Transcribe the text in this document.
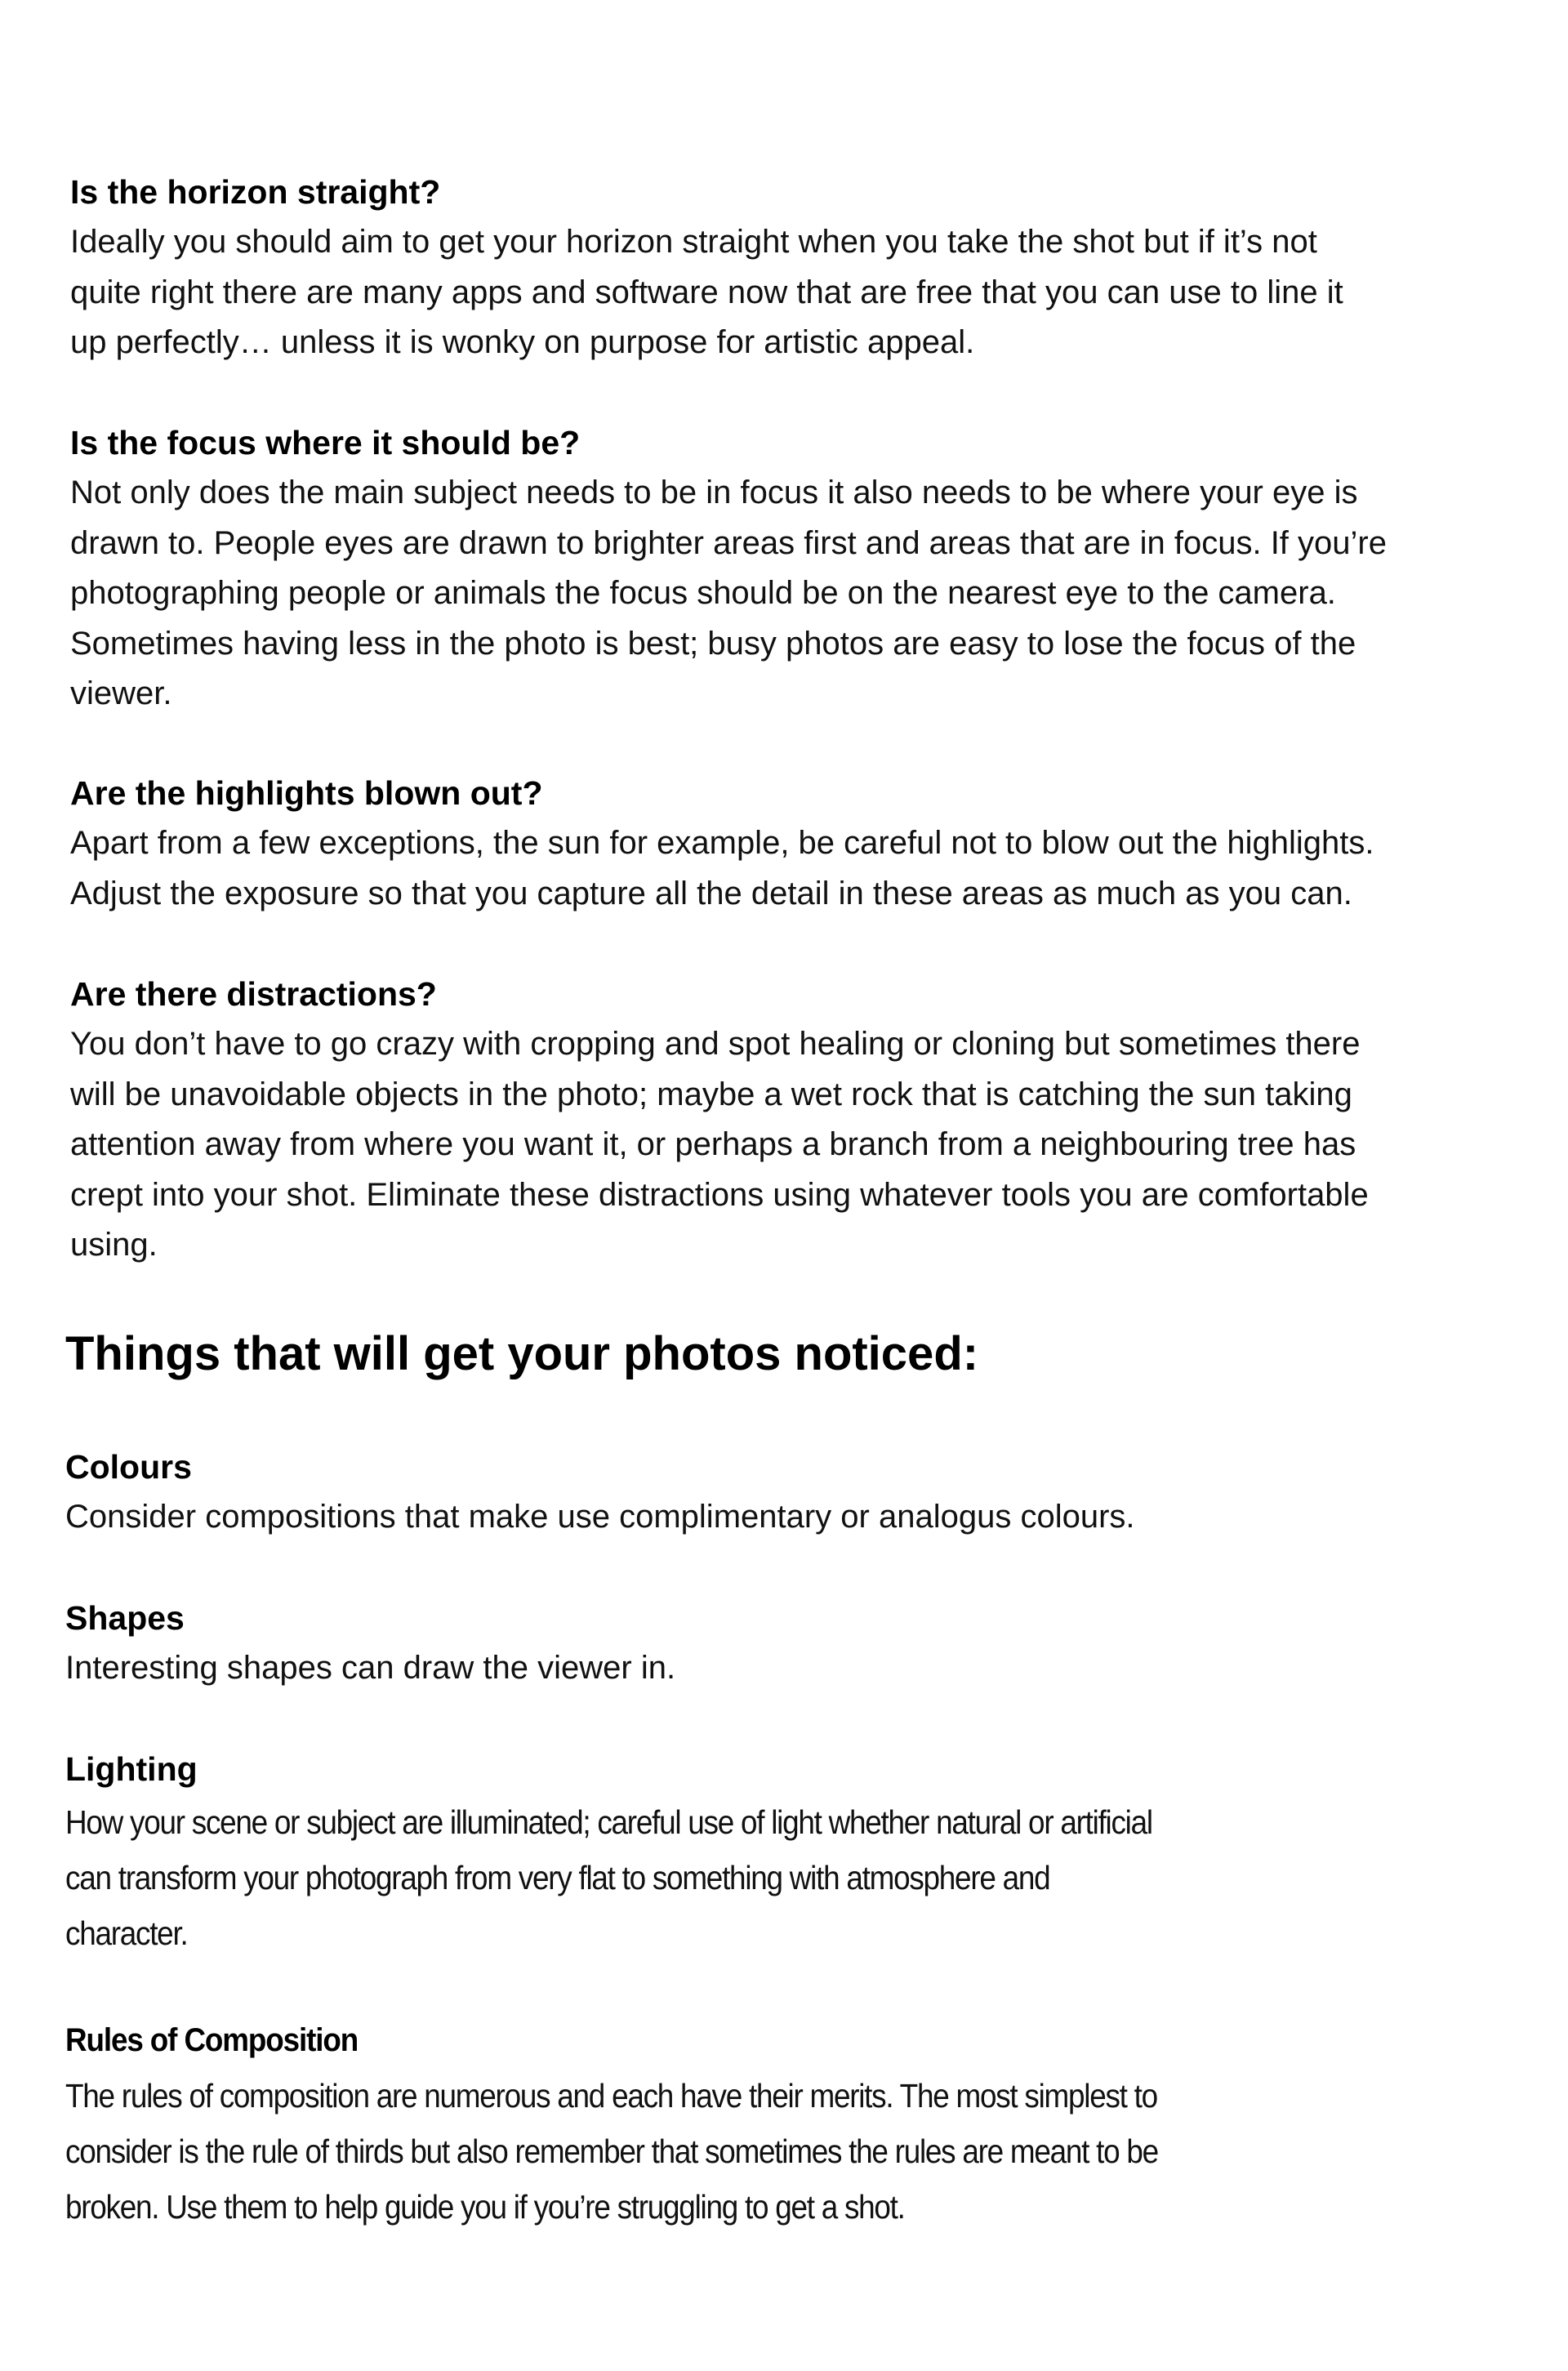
Is the horizon straight?

Ideally you should aim to get your horizon straight when you take the shot but if it’s not

quite right there are many apps and software now that are free that you can use to line it

up perfectly… unless it is wonky on purpose for artistic appeal.

Is the focus where it should be?

Not only does the main subject needs to be in focus it also needs to be where your eye is

drawn to. People eyes are drawn to brighter areas first and areas that are in focus. If you’re

photographing people or animals the focus should be on the nearest eye to the camera.

Sometimes having less in the photo is best; busy photos are easy to lose the focus of the

viewer.

Are the highlights blown out?

Apart from a few exceptions, the sun for example, be careful not to blow out the highlights.

Adjust the exposure so that you capture all the detail in these areas as much as you can.

Are there distractions?

You don’t have to go crazy with cropping and spot healing or cloning but sometimes there

will be unavoidable objects in the photo; maybe a wet rock that is catching the sun taking

attention away from where you want it, or perhaps a branch from a neighbouring tree has

crept into your shot. Eliminate these distractions using whatever tools you are comfortable

using.

Things that will get your photos noticed:

Colours

Consider compositions that make use complimentary or analogus colours.

Shapes

Interesting shapes can draw the viewer in.

Lighting

How your scene or subject are illuminated; careful use of light whether natural or artificial

can transform your photograph from very flat to something with atmosphere and

character.

Rules of Composition

The rules of composition are numerous and each have their merits. The most simplest to

consider is the rule of thirds but also remember that sometimes the rules are meant to be

broken. Use them to help guide you if you’re struggling to get a shot.
